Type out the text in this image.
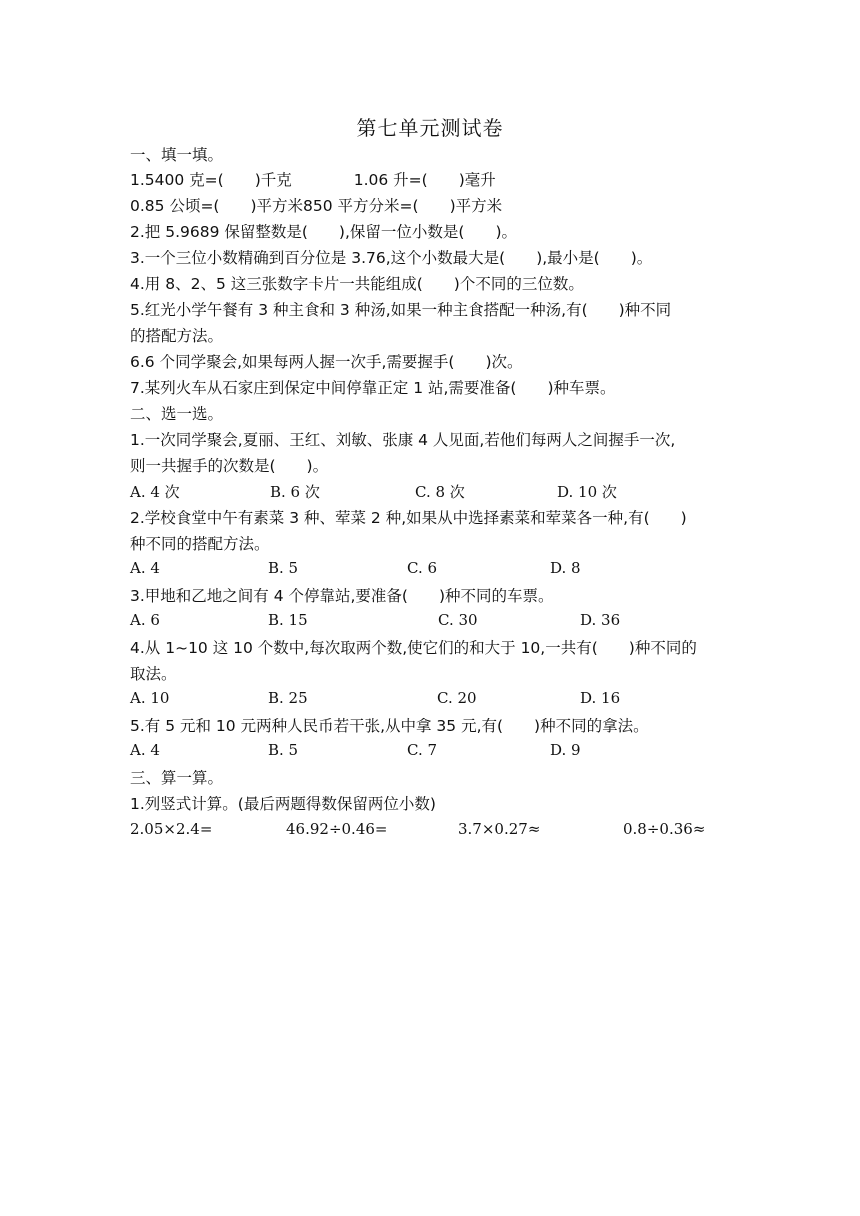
第七单元测试卷
一、填一填。
1.5400 克=(　　)千克　　　　1.06 升=(　　)毫升
0.85 公顷=(　　)平方米850 平方分米=(　　)平方米
2.把 5.9689 保留整数是(　　),保留一位小数是(　　)。
3.一个三位小数精确到百分位是 3.76,这个小数最大是(　　),最小是(　　)。
4.用 8、2、5 这三张数字卡片一共能组成(　　)个不同的三位数。
5.红光小学午餐有 3 种主食和 3 种汤,如果一种主食搭配一种汤,有(　　)种不同
的搭配方法。
6.6 个同学聚会,如果每两人握一次手,需要握手(　　)次。
7.某列火车从石家庄到保定中间停靠正定 1 站,需要准备(　　)种车票。
二、选一选。
1.一次同学聚会,夏丽、王红、刘敏、张康 4 人见面,若他们每两人之间握手一次,
则一共握手的次数是(　　)。
A. 4 次	B. 6 次	C. 8 次	D. 10 次
2.学校食堂中午有素菜 3 种、荤菜 2 种,如果从中选择素菜和荤菜各一种,有(　　)
种不同的搭配方法。
A. 4	B. 5	C. 6	D. 8
3.甲地和乙地之间有 4 个停靠站,要准备(　　)种不同的车票。
A. 6	B. 15	C. 30	D. 36
4.从 1~10 这 10 个数中,每次取两个数,使它们的和大于 10,一共有(　　)种不同的
取法。
A. 10	B. 25	C. 20	D. 16
5.有 5 元和 10 元两种人民币若干张,从中拿 35 元,有(　　)种不同的拿法。
A. 4	B. 5	C. 7	D. 9
三、算一算。
1.列竖式计算。(最后两题得数保留两位小数)
2.05×2.4=	46.92÷0.46=	3.7×0.27≈	0.8÷0.36≈
